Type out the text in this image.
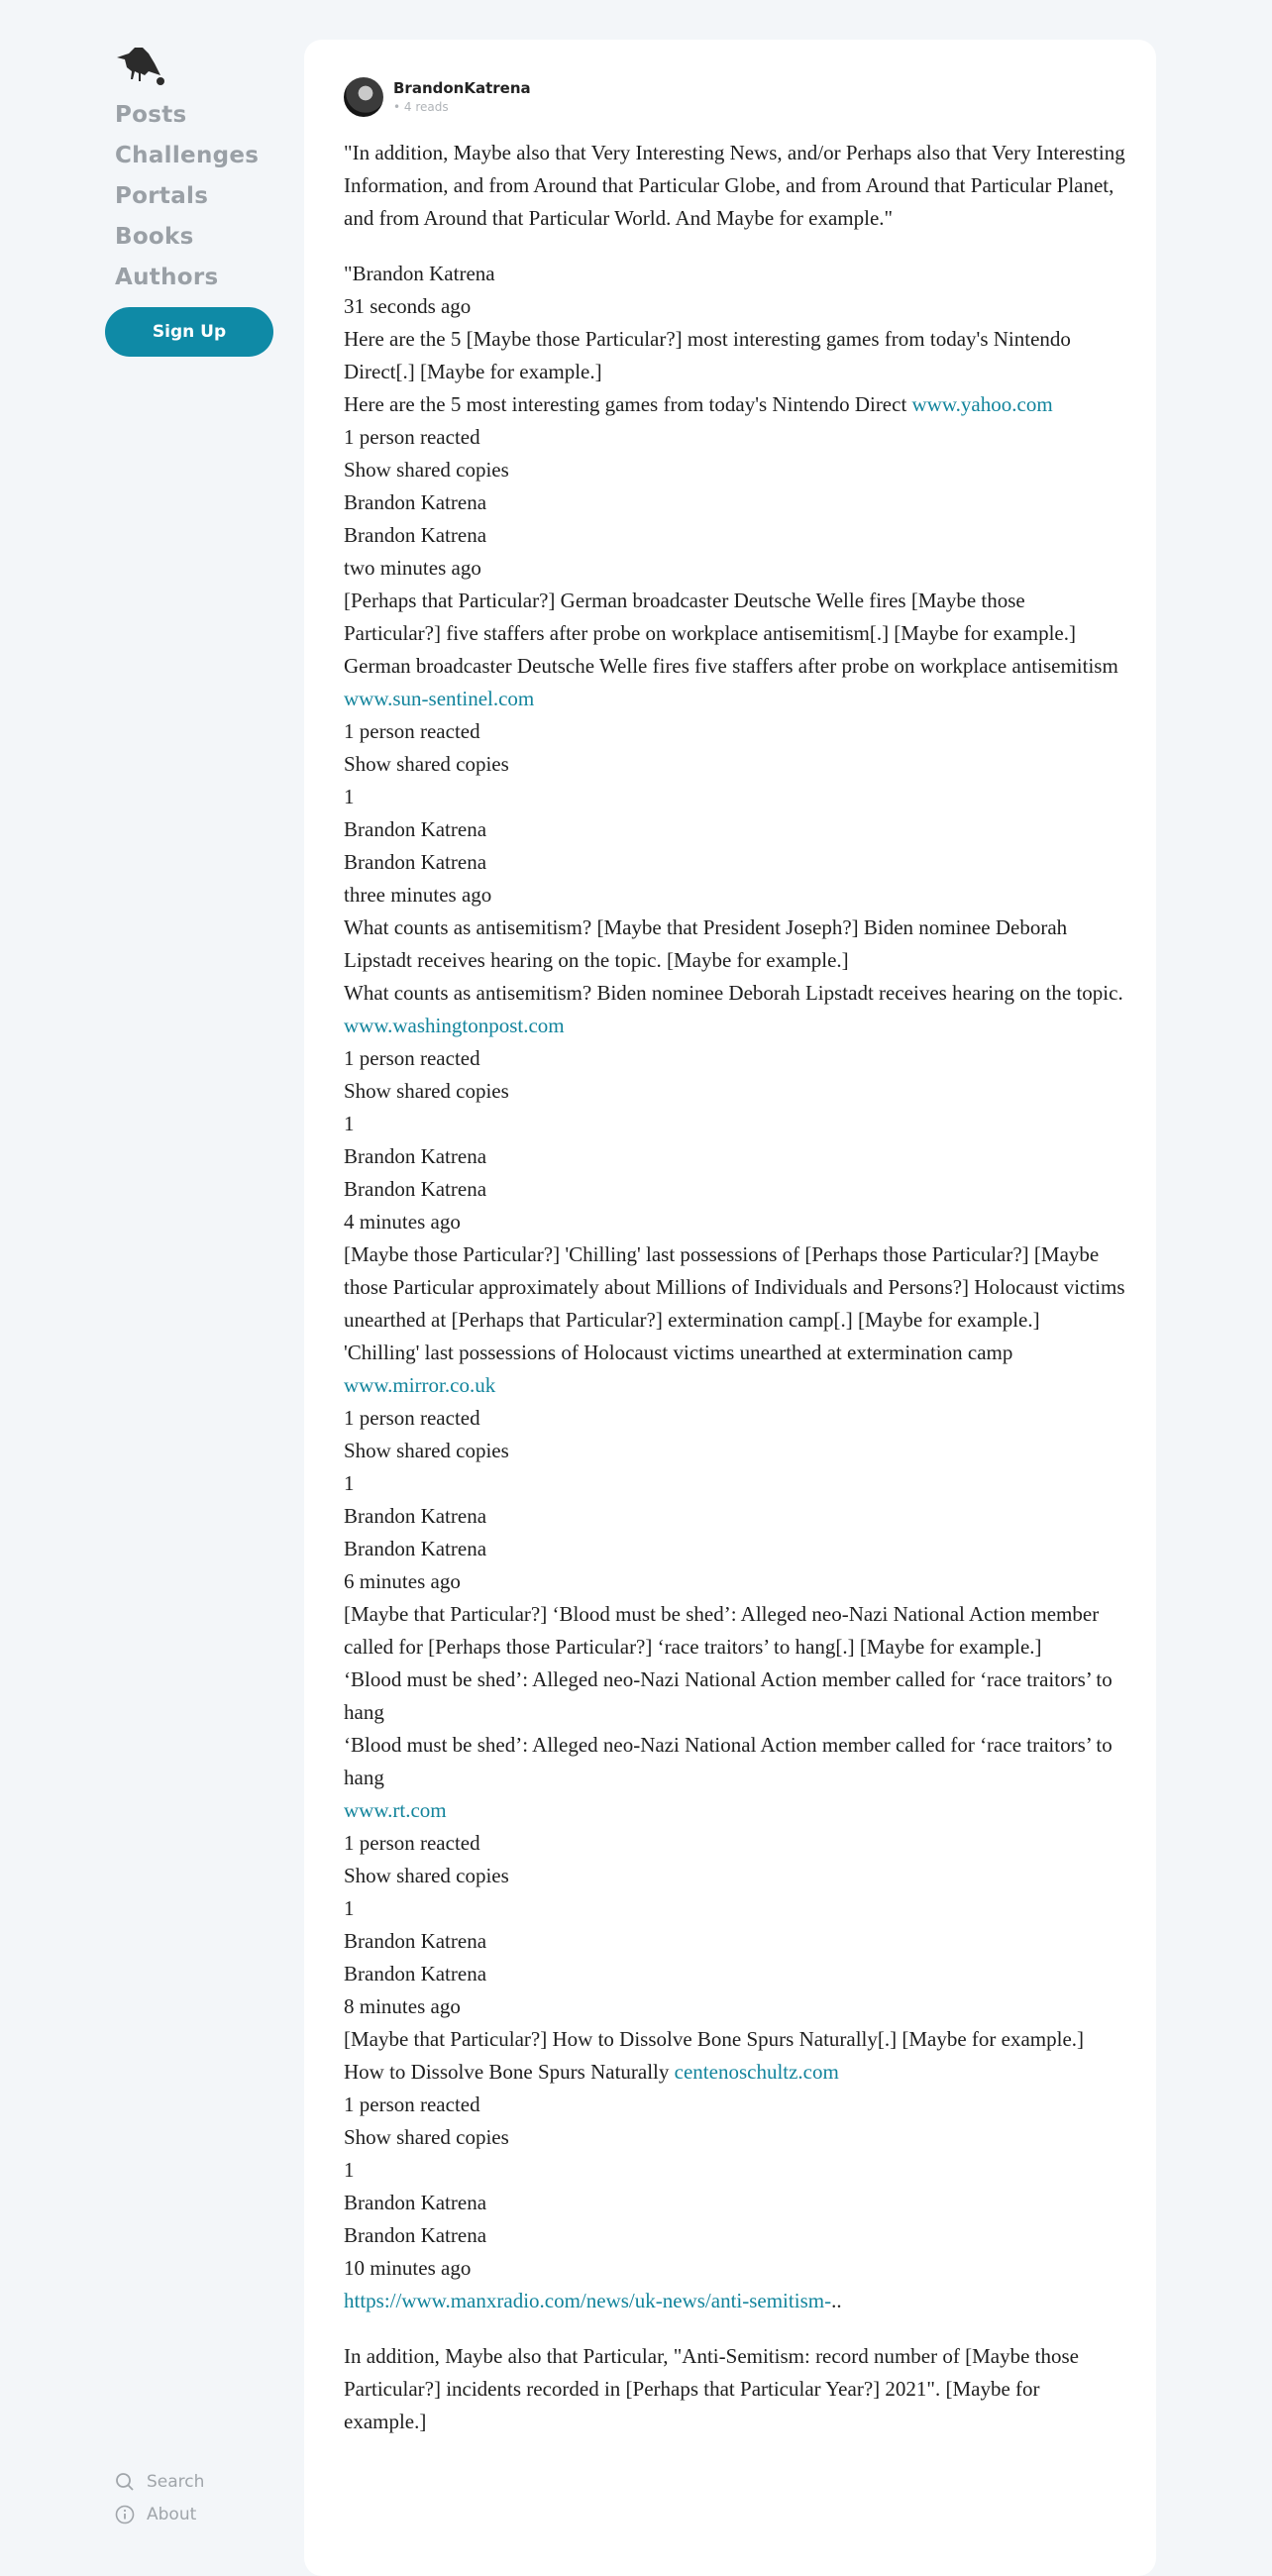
Posts
Challenges
Portals
Books
Authors
Sign Up
Search
About
BrandonKatrena
• 4 reads

"In addition, Maybe also that Very Interesting News, and/or Perhaps also that Very Interesting Information, and from Around that Particular Globe, and from Around that Particular Planet, and from Around that Particular World. And Maybe for example."

"Brandon Katrena

31 seconds ago

Here are the 5 [Maybe those Particular?] most interesting games from today's Nintendo Direct[.] [Maybe for example.]

Here are the 5 most interesting games from today's Nintendo Direct www.yahoo.com

1 person reacted

Show shared copies

Brandon Katrena

Brandon Katrena

two minutes ago

[Perhaps that Particular?] German broadcaster Deutsche Welle fires [Maybe those Particular?] five staffers after probe on workplace antisemitism[.] [Maybe for example.]

German broadcaster Deutsche Welle fires five staffers after probe on workplace antisemitism www.sun-sentinel.com

1 person reacted

Show shared copies

1

Brandon Katrena

Brandon Katrena

three minutes ago

What counts as antisemitism? [Maybe that President Joseph?] Biden nominee Deborah Lipstadt receives hearing on the topic. [Maybe for example.]

What counts as antisemitism? Biden nominee Deborah Lipstadt receives hearing on the topic. www.washingtonpost.com

1 person reacted

Show shared copies

1

Brandon Katrena

Brandon Katrena

4 minutes ago

[Maybe those Particular?] 'Chilling' last possessions of [Perhaps those Particular?] [Maybe those Particular approximately about Millions of Individuals and Persons?] Holocaust victims unearthed at [Perhaps that Particular?] extermination camp[.] [Maybe for example.]

'Chilling' last possessions of Holocaust victims unearthed at extermination camp www.mirror.co.uk

1 person reacted

Show shared copies

1

Brandon Katrena

Brandon Katrena

6 minutes ago

[Maybe that Particular?] ‘Blood must be shed’: Alleged neo-Nazi National Action member called for [Perhaps those Particular?] ‘race traitors’ to hang[.] [Maybe for example.]

‘Blood must be shed’: Alleged neo-Nazi National Action member called for ‘race traitors’ to hang

‘Blood must be shed’: Alleged neo-Nazi National Action member called for ‘race traitors’ to hang

www.rt.com

1 person reacted

Show shared copies

1

Brandon Katrena

Brandon Katrena

8 minutes ago

[Maybe that Particular?] How to Dissolve Bone Spurs Naturally[.] [Maybe for example.]

How to Dissolve Bone Spurs Naturally centenoschultz.com

1 person reacted

Show shared copies

1

Brandon Katrena

Brandon Katrena

10 minutes ago

https://www.manxradio.com/news/uk-news/anti-semitism-..

In addition, Maybe also that Particular, "Anti-Semitism: record number of [Maybe those Particular?] incidents recorded in [Perhaps that Particular Year?] 2021". [Maybe for example.]
